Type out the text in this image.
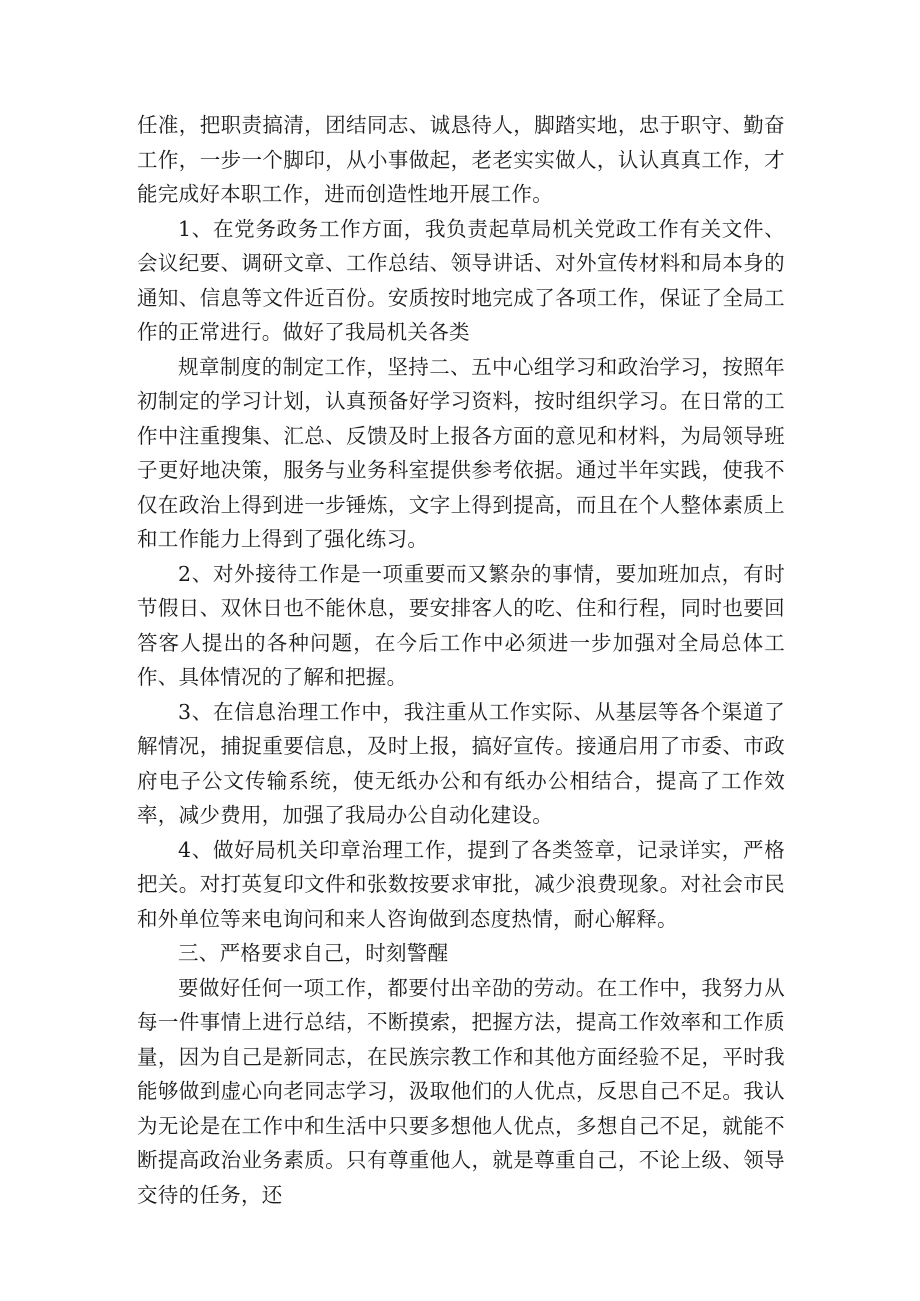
任准，把职责搞清，团结同志、诚恳待人，脚踏实地，忠于职守、勤奋工作，一步一个脚印，从小事做起，老老实实做人，认认真真工作，才能完成好本职工作，进而创造性地开展工作。

1、在党务政务工作方面，我负责起草局机关党政工作有关文件、会议纪要、调研文章、工作总结、领导讲话、对外宣传材料和局本身的通知、信息等文件近百份。安质按时地完成了各项工作，保证了全局工作的正常进行。做好了我局机关各类

规章制度的制定工作，坚持二、五中心组学习和政治学习，按照年初制定的学习计划，认真预备好学习资料，按时组织学习。在日常的工作中注重搜集、汇总、反馈及时上报各方面的意见和材料，为局领导班子更好地决策，服务与业务科室提供参考依据。通过半年实践，使我不仅在政治上得到进一步锤炼，文字上得到提高，而且在个人整体素质上和工作能力上得到了强化练习。

2、对外接待工作是一项重要而又繁杂的事情，要加班加点，有时节假日、双休日也不能休息，要安排客人的吃、住和行程，同时也要回答客人提出的各种问题，在今后工作中必须进一步加强对全局总体工作、具体情况的了解和把握。

3、在信息治理工作中，我注重从工作实际、从基层等各个渠道了解情况，捕捉重要信息，及时上报，搞好宣传。接通启用了市委、市政府电子公文传输系统，使无纸办公和有纸办公相结合，提高了工作效率，减少费用，加强了我局办公自动化建设。

4、做好局机关印章治理工作，提到了各类签章，记录详实，严格把关。对打英复印文件和张数按要求审批，减少浪费现象。对社会市民和外单位等来电询问和来人咨询做到态度热情，耐心解释。

三、严格要求自己，时刻警醒

要做好任何一项工作，都要付出辛劭的劳动。在工作中，我努力从每一件事情上进行总结，不断摸索，把握方法，提高工作效率和工作质量，因为自己是新同志，在民族宗教工作和其他方面经验不足，平时我能够做到虚心向老同志学习，汲取他们的人优点，反思自己不足。我认为无论是在工作中和生活中只要多想他人优点，多想自己不足，就能不断提高政治业务素质。只有尊重他人，就是尊重自己，不论上级、领导交待的任务，还
